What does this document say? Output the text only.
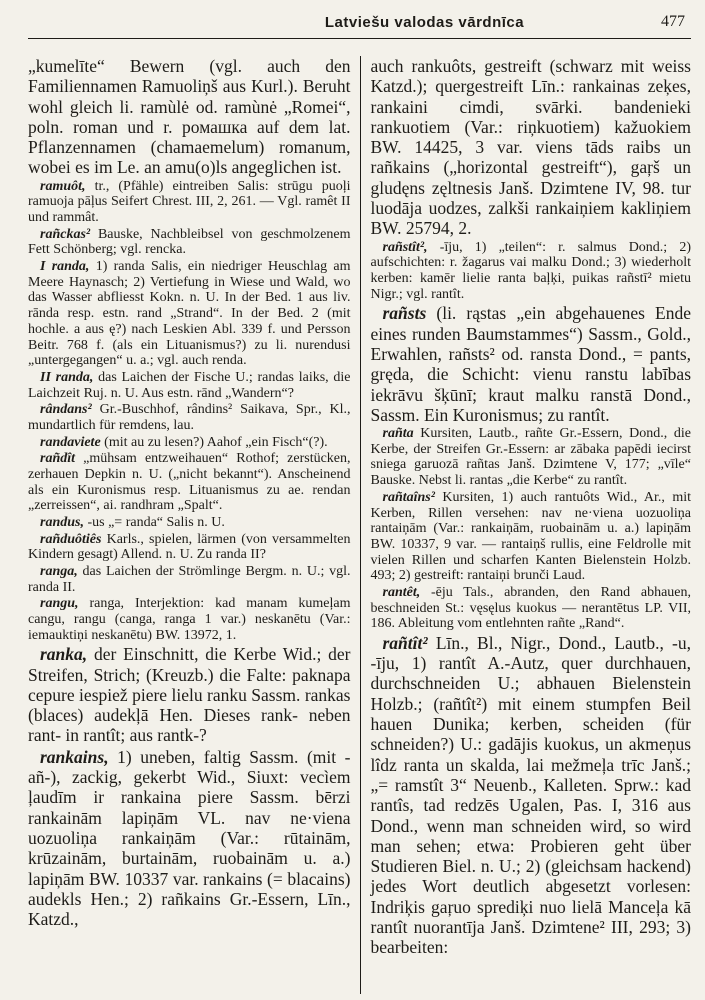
Latviešu valodas vārdnīca	477

„kumelīte“ Bewern (vgl. auch den Familiennamen Ramuoliņš aus Kurl.). Beruht wohl gleich li. ramùlė od. ramùnė „Romei“, poln. roman und r. ромашка auf dem lat. Pflanzennamen (chamaemelum) romanum, wobei es im Le. an amu(o)ls angeglichen ist.

ramuôt, tr., (Pfähle) eintreiben Salis: strūgu puoļi ramuoja pāļus Seifert Chrest. III, 2, 261. — Vgl. ramêt II und rammât.

rañckas² Bauske, Nachbleibsel von geschmolzenem Fett Schönberg; vgl. rencka.

I randa, 1) randa Salis, ein niedriger Heuschlag am Meere Haynasch; 2) Vertiefung in Wiese und Wald, wo das Wasser abfliesst Kokn. n. U. In der Bed. 1 aus liv. rānda resp. estn. rand „Strand“. In der Bed. 2 (mit hochle. a aus ę?) nach Leskien Abl. 339 f. und Persson Beitr. 768 f. (als ein Lituanismus?) zu li. nurendusi „untergegangen“ u. a.; vgl. auch renda.

II randa, das Laichen der Fische U.; randas laiks, die Laichzeit Ruj. n. U. Aus estn. rānd „Wandern“?

rândans² Gr.-Buschhof, rândins² Saikava, Spr., Kl., mundartlich für remdens, lau.

randaviete (mit au zu lesen?) Aahof „ein Fisch“(?).

rañdît „mühsam entzweihauen“ Rothof; zerstücken, zerhauen Depkin n. U. („nicht bekannt“). Anscheinend als ein Kuronismus resp. Lituanismus zu ae. rendan „zerreissen“, ai. randhram „Spalt“.

randus, -us „= randa“ Salis n. U.

rañduôtiês Karls., spielen, lärmen (von versammelten Kindern gesagt) Allend. n. U. Zu randa II?

ranga, das Laichen der Strömlinge Bergm. n. U.; vgl. randa II.

rangu, ranga, Interjektion: kad manam kumeļam cangu, rangu (canga, ranga 1 var.) neskanētu (Var.: iemauktiņi neskanētu) BW. 13972, 1.

ranka, der Einschnitt, die Kerbe Wid.; der Streifen, Strich; (Kreuzb.) die Falte: paknapa cepure iespiež piere lielu ranku Sassm. rankas (blaces) audekļā Hen. Dieses rank- neben rant- in rantît; aus rantk-?

rankains, 1) uneben, faltig Sassm. (mit -añ-), zackig, gekerbt Wid., Siuxt: vecìem ļaudīm ir rankaina piere Sassm. bērzi rankainām lapiņām VL. nav ne·viena uozuoliņa rankaiņām (Var.: rūtainām, krūzainām, burtainām, ruobainām u. a.) lapiņām BW. 10337 var. rankains (= blacains) audekls Hen.; 2) rañkains Gr.-Essern, Līn., Katzd.,

auch rankuôts, gestreift (schwarz mit weiss Katzd.); quergestreift Līn.: rankainas zeķes, rankaini cimdi, svārki. bandenieki rankuotiem (Var.: riņkuotiem) kažuokiem BW. 14425, 3 var. viens tāds raibs un rañkains („horizontal gestreift“), gaŗš un gludęns zęltnesis Janš. Dzimtene IV, 98. tur luodāja uodzes, zalkši rankaiņiem kakliņiem BW. 25794, 2.

rañstît², -īju, 1) „teilen“: r. salmus Dond.; 2) aufschichten: r. žagarus vai malku Dond.; 3) wiederholt kerben: kamēr lielie ranta baļķi, puikas rañstī² mietu Nigr.; vgl. rantît.

rañsts (li. rąstas „ein abgehauenes Ende eines runden Baumstammes“) Sassm., Gold., Erwahlen, rañsts² od. ransta Dond., = pants, gręda, die Schicht: vienu ranstu labības iekrāvu šķūnī; kraut malku ranstā Dond., Sassm. Ein Kuronismus; zu rantît.

rañta Kursiten, Lautb., rañte Gr.-Essern, Dond., die Kerbe, der Streifen Gr.-Essern: ar zābaka papēdi iecirst sniega garuozā rañtas Janš. Dzimtene V, 177; „vīle“ Bauske. Nebst li. rantas „die Kerbe“ zu rantît.

rañtaîns² Kursiten, 1) auch rantuôts Wid., Ar., mit Kerben, Rillen versehen: nav ne·viena uozuoliņa rantaiņām (Var.: rankaiņām, ruobainām u. a.) lapiņām BW. 10337, 9 var. — rantaiņš rullis, eine Feldrolle mit vielen Rillen und scharfen Kanten Bielenstein Holzb. 493; 2) gestreift: rantaiņi brunči Laud.

rantêt, -ēju Tals., abranden, den Rand abhauen, beschneiden St.: vęsęlus kuokus — nerantētus LP. VII, 186. Ableitung vom entlehnten rañte „Rand“.

rañtît² Līn., Bl., Nigr., Dond., Lautb., -u, -īju, 1) rantît A.-Autz, quer durchhauen, durchschneiden U.; abhauen Bielenstein Holzb.; (rañtît²) mit einem stumpfen Beil hauen Dunika; kerben, scheiden (für schneiden?) U.: gadājis kuokus, un akmeņus lîdz ranta un skalda, lai mežmeļa trīc Janš.; „= ramstît 3“ Neuenb., Kalleten. Sprw.: kad rantîs, tad redzēs Ugalen, Pas. I, 316 aus Dond., wenn man schneiden wird, so wird man sehen; etwa: Probieren geht über Studieren Biel. n. U.; 2) (gleichsam hackend) jedes Wort deutlich abgesetzt vorlesen: Indriķis gaŗuo sprediķi nuo lielā Manceļa kā rantît nuorantīja Janš. Dzimtene² III, 293; 3) bearbeiten:
